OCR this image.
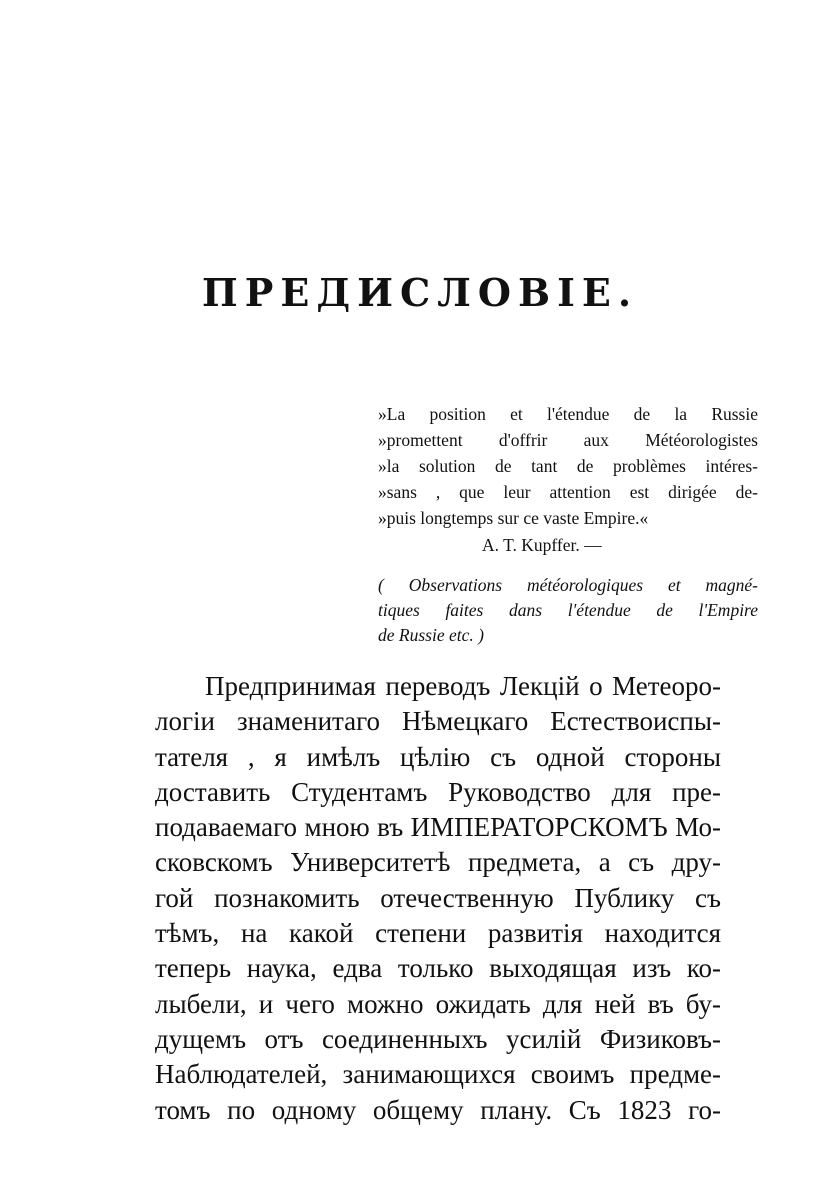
ПРЕДИСЛОВІЕ.
»La position et l'étendue de la Russie
»promettent d'offrir aux Météorologistes
»la solution de tant de problèmes intéres-
»sans , que leur attention est dirigée de-
»puis longtemps sur ce vaste Empire.«
A. T. Kupffer. —
( Observations météorologiques et magné-
tiques faites dans l'étendue de l'Empire
de Russie etc. )
Предпринимая переводъ Лекцій о Метеоро-
логіи знаменитаго Нѣмецкаго Естествоиспы-
тателя , я имѣлъ цѣлію съ одной стороны
доставить Студентамъ Руководство для пре-
подаваемаго мною въ ИМПЕРАТОРСКОМЪ Мо-
сковскомъ Университетѣ предмета, а съ дру-
гой познакомить отечественную Публику съ
тѣмъ, на какой степени развитія находится
теперь наука, едва только выходящая изъ ко-
лыбели, и чего можно ожидать для ней въ бу-
дущемъ отъ соединенныхъ усилій Физиковъ-
Наблюдателей, занимающихся своимъ предме-
томъ по одному общему плану. Съ 1823 го-
